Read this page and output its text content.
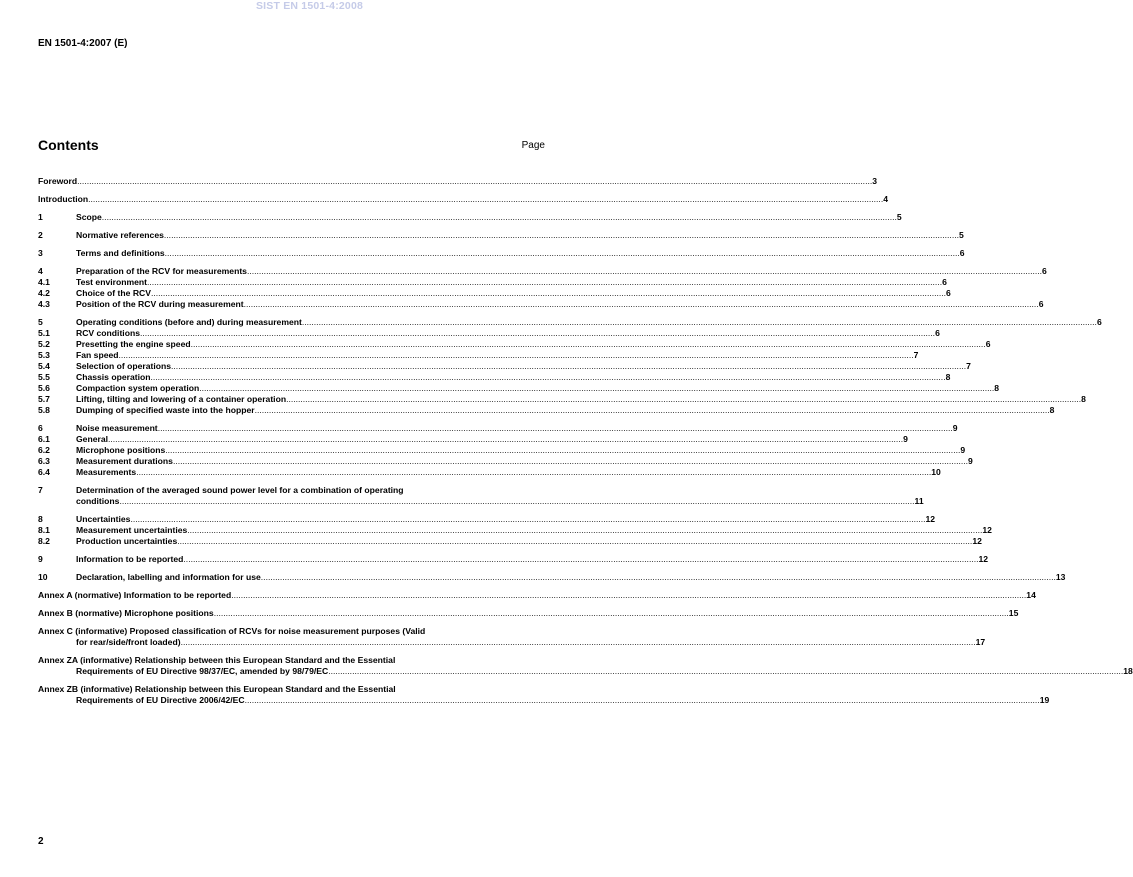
SIST EN 1501-4:2008
EN 1501-4:2007 (E)
Contents	Page
Foreword .....	3
Introduction .....	4
1	Scope .....	5
2	Normative references .....	5
3	Terms and definitions .....	6
4	Preparation of the RCV for measurements .....	6
4.1	Test environment .....	6
4.2	Choice of the RCV .....	6
4.3	Position of the RCV during measurement .....	6
5	Operating conditions (before and) during measurement .....	6
5.1	RCV conditions .....	6
5.2	Presetting the engine speed .....	6
5.3	Fan speed .....	7
5.4	Selection of operations .....	7
5.5	Chassis operation .....	8
5.6	Compaction system operation .....	8
5.7	Lifting, tilting and lowering of a container operation .....	8
5.8	Dumping of specified waste into the hopper .....	8
6	Noise measurement .....	9
6.1	General .....	9
6.2	Microphone positions .....	9
6.3	Measurement durations .....	9
6.4	Measurements .....	10
7	Determination of the averaged sound power level for a combination of operating
conditions .....	11
8	Uncertainties .....	12
8.1	Measurement uncertainties .....	12
8.2	Production uncertainties .....	12
9	Information to be reported .....	12
10	Declaration, labelling and information for use .....	13
Annex A (normative) Information to be reported .....	14
Annex B (normative) Microphone positions .....	15
Annex C (informative) Proposed classification of RCVs for noise measurement purposes (Valid
for rear/side/front loaded) .....	17
Annex ZA (informative) Relationship between this European Standard and the Essential
Requirements of EU Directive 98/37/EC, amended by 98/79/EC .....	18
Annex ZB (informative) Relationship between this European Standard and the Essential
Requirements of EU Directive 2006/42/EC .....	19
2
